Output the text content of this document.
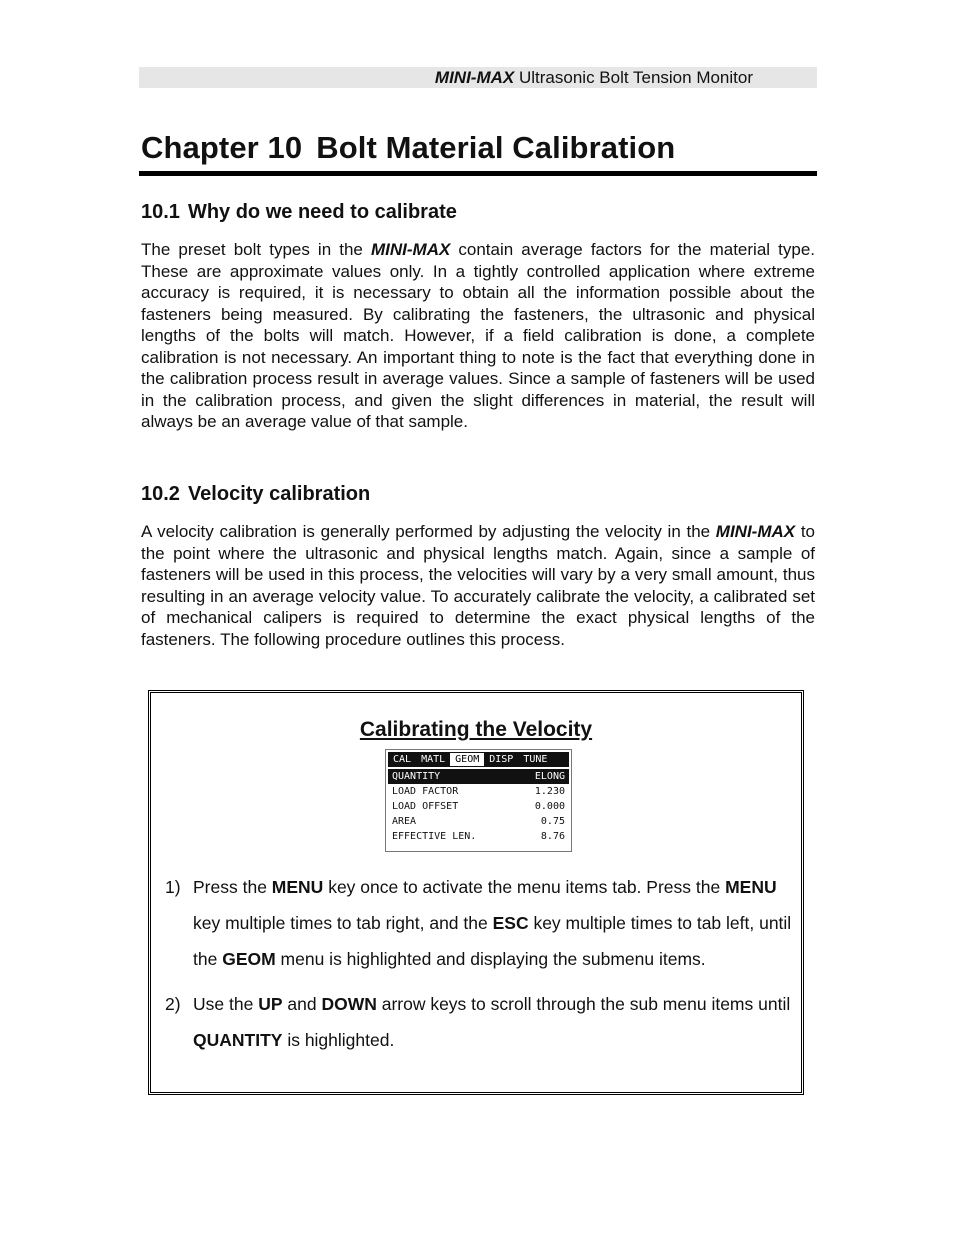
MINI-MAX Ultrasonic Bolt Tension Monitor
Chapter 10 Bolt Material Calibration
10.1 Why do we need to calibrate

The preset bolt types in the MINI-MAX contain average factors for the material type. These are approximate values only. In a tightly controlled application where extreme accuracy is required, it is necessary to obtain all the information possible about the fasteners being measured. By calibrating the fasteners, the ultrasonic and physical lengths of the bolts will match. However, if a field calibration is done, a complete calibration is not necessary. An important thing to note is the fact that everything done in the calibration process result in average values. Since a sample of fasteners will be used in the calibration process, and given the slight differences in material, the result will always be an average value of that sample.

10.2 Velocity calibration

A velocity calibration is generally performed by adjusting the velocity in the MINI-MAX to the point where the ultrasonic and physical lengths match. Again, since a sample of fasteners will be used in this process, the velocities will vary by a very small amount, thus resulting in an average velocity value. To accurately calibrate the velocity, a calibrated set of mechanical calipers is required to determine the exact physical lengths of the fasteners. The following procedure outlines this process.

Calibrating the Velocity
CAL	MATL	GEOM	DISP	TUNE
QUANTITY	ELONG
LOAD FACTOR	1.230
LOAD OFFSET	0.000
AREA	0.75
EFFECTIVE LEN.	8.76
1) Press the MENU key once to activate the menu items tab. Press the MENU key multiple times to tab right, and the ESC key multiple times to tab left, until the GEOM menu is highlighted and displaying the submenu items.
2) Use the UP and DOWN arrow keys to scroll through the sub menu items until QUANTITY is highlighted.
